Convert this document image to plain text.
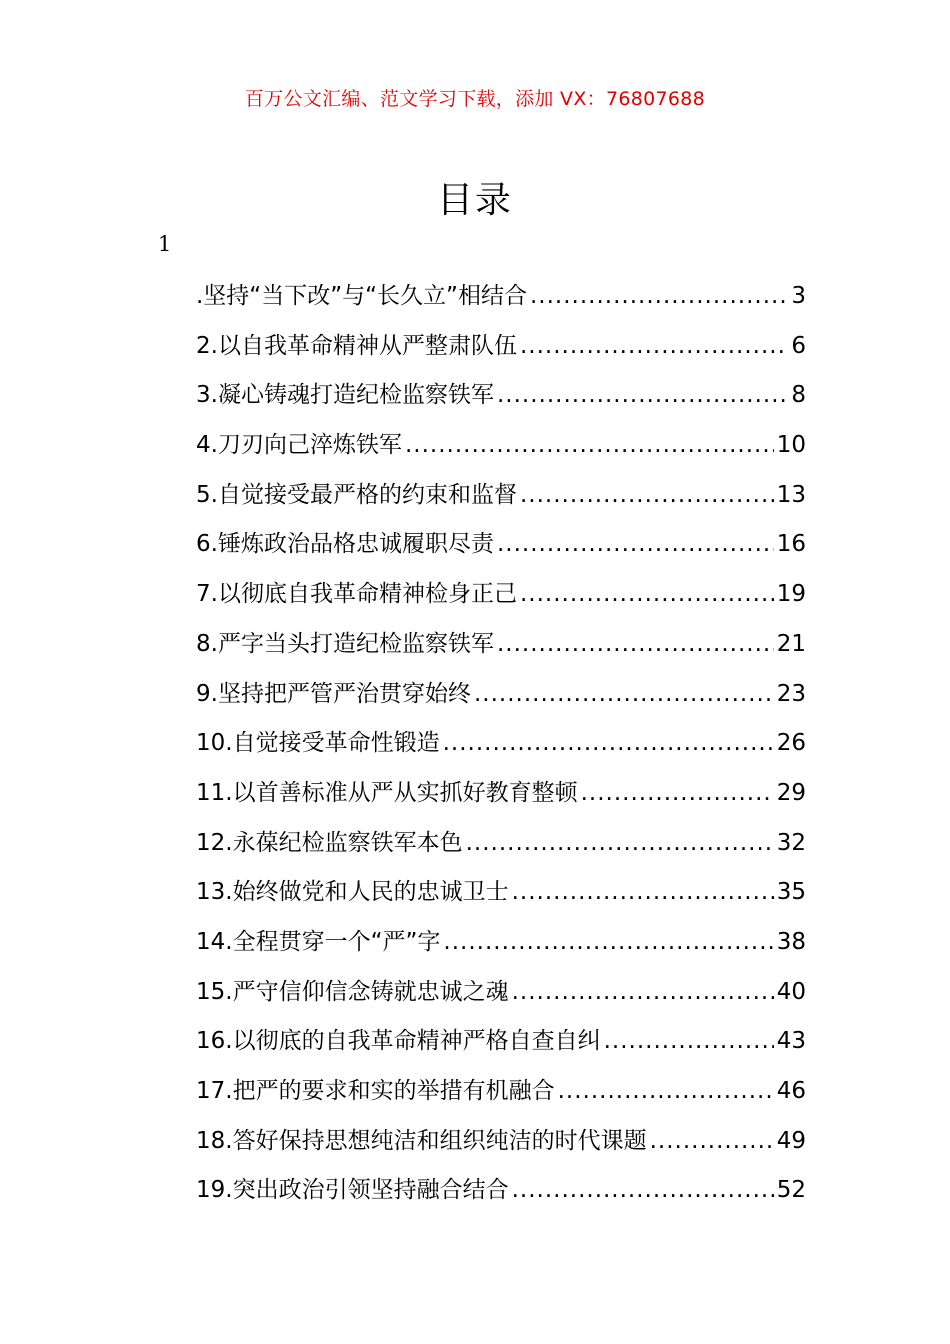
百万公文汇编、范文学习下载，添加 VX：76807688
目录
1
.坚持“当下改”与“长久立”相结合 .....	3
2.以自我革命精神从严整肃队伍 .....	6
3.凝心铸魂打造纪检监察铁军 .....	8
4.刀刃向己淬炼铁军 .....	10
5.自觉接受最严格的约束和监督 .....	13
6.锤炼政治品格忠诚履职尽责 .....	16
7.以彻底自我革命精神检身正己 .....	19
8.严字当头打造纪检监察铁军 .....	21
9.坚持把严管严治贯穿始终 .....	23
10.自觉接受革命性锻造 .....	26
11.以首善标准从严从实抓好教育整顿 .....	29
12.永葆纪检监察铁军本色 .....	32
13.始终做党和人民的忠诚卫士 .....	35
14.全程贯穿一个“严”字 .....	38
15.严守信仰信念铸就忠诚之魂 .....	40
16.以彻底的自我革命精神严格自查自纠 .....	43
17.把严的要求和实的举措有机融合 .....	46
18.答好保持思想纯洁和组织纯洁的时代课题 .....	49
19.突出政治引领坚持融合结合 .....	52
